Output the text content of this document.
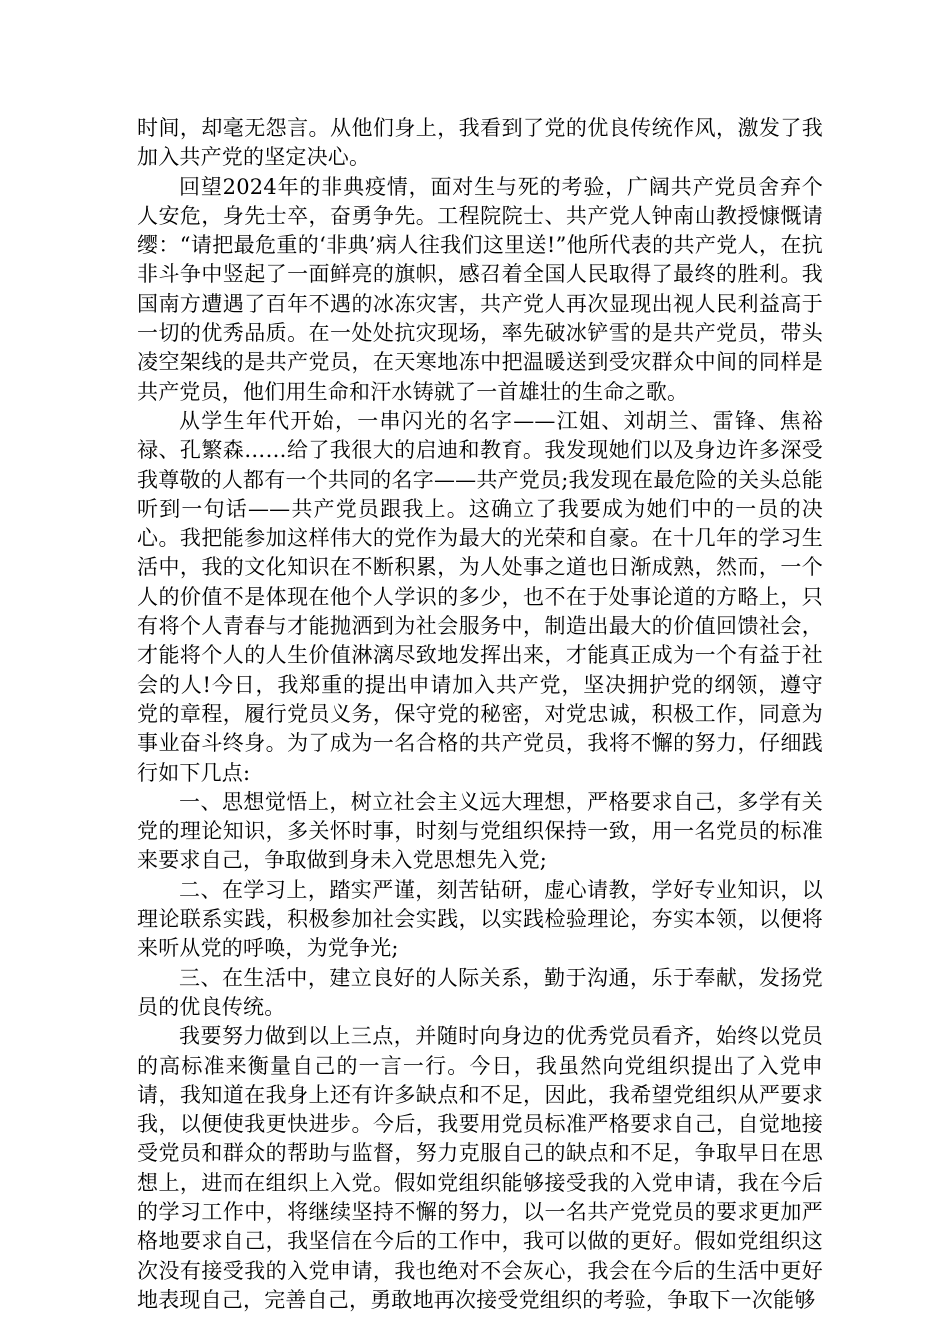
时间，却毫无怨言。从他们身上，我看到了党的优良传统作风，激发了我加入共产党的坚定决心。

回望2024年的非典疫情，面对生与死的考验，广阔共产党员舍弃个人安危，身先士卒，奋勇争先。工程院院士、共产党人钟南山教授慷慨请缨：“请把最危重的‘非典’病人往我们这里送!”他所代表的共产党人，在抗非斗争中竖起了一面鲜亮的旗帜，感召着全国人民取得了最终的胜利。我国南方遭遇了百年不遇的冰冻灾害，共产党人再次显现出视人民利益高于一切的优秀品质。在一处处抗灾现场，率先破冰铲雪的是共产党员，带头凌空架线的是共产党员，在天寒地冻中把温暖送到受灾群众中间的同样是共产党员，他们用生命和汗水铸就了一首雄壮的生命之歌。

从学生年代开始，一串闪光的名字——江姐、刘胡兰、雷锋、焦裕禄、孔繁森……给了我很大的启迪和教育。我发现她们以及身边许多深受我尊敬的人都有一个共同的名字——共产党员;我发现在最危险的关头总能听到一句话——共产党员跟我上。这确立了我要成为她们中的一员的决心。我把能参加这样伟大的党作为最大的光荣和自豪。在十几年的学习生活中，我的文化知识在不断积累，为人处事之道也日渐成熟，然而，一个人的价值不是体现在他个人学识的多少，也不在于处事论道的方略上，只有将个人青春与才能抛洒到为社会服务中，制造出最大的价值回馈社会，才能将个人的人生价值淋漓尽致地发挥出来，才能真正成为一个有益于社会的人!今日，我郑重的提出申请加入共产党，坚决拥护党的纲领，遵守党的章程，履行党员义务，保守党的秘密，对党忠诚，积极工作，同意为事业奋斗终身。为了成为一名合格的共产党员，我将不懈的努力，仔细践行如下几点:

一、思想觉悟上，树立社会主义远大理想，严格要求自己，多学有关党的理论知识，多关怀时事，时刻与党组织保持一致，用一名党员的标准来要求自己，争取做到身未入党思想先入党;

二、在学习上，踏实严谨，刻苦钻研，虚心请教，学好专业知识，以理论联系实践，积极参加社会实践，以实践检验理论，夯实本领，以便将来听从党的呼唤，为党争光;

三、在生活中，建立良好的人际关系，勤于沟通，乐于奉献，发扬党员的优良传统。

我要努力做到以上三点，并随时向身边的优秀党员看齐，始终以党员的高标准来衡量自己的一言一行。今日，我虽然向党组织提出了入党申请，我知道在我身上还有许多缺点和不足，因此，我希望党组织从严要求我，以便使我更快进步。今后，我要用党员标准严格要求自己，自觉地接受党员和群众的帮助与监督，努力克服自己的缺点和不足，争取早日在思想上，进而在组织上入党。假如党组织能够接受我的入党申请，我在今后的学习工作中，将继续坚持不懈的努力，以一名共产党党员的要求更加严格地要求自己，我坚信在今后的工作中，我可以做的更好。假如党组织这次没有接受我的入党申请，我也绝对不会灰心，我会在今后的生活中更好地表现自己，完善自己，勇敢地再次接受党组织的考验，争取下一次能够
